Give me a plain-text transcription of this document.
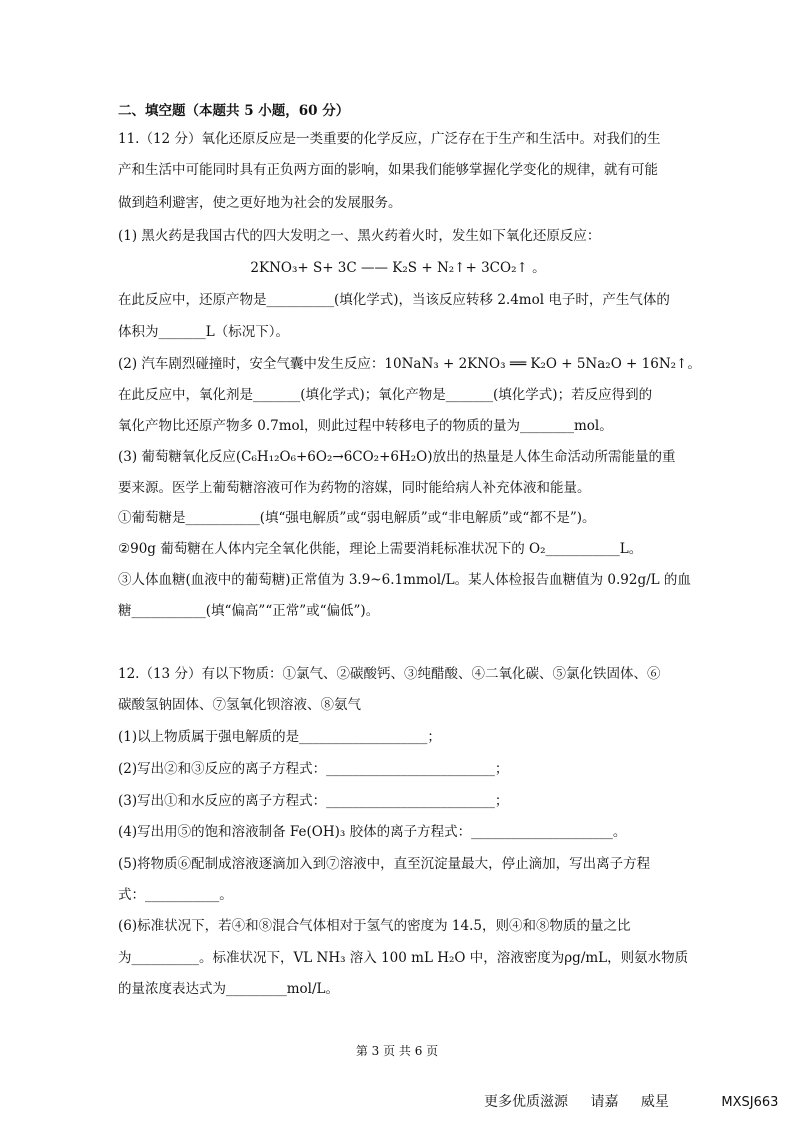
二、填空题（本题共 5 小题，60 分）
11.（12 分）氧化还原反应是一类重要的化学反应，广泛存在于生产和生活中。对我们的生
产和生活中可能同时具有正负两方面的影响，如果我们能够掌握化学变化的规律，就有可能
做到趋利避害，使之更好地为社会的发展服务。
(1) 黑火药是我国古代的四大发明之一、黑火药着火时，发生如下氧化还原反应：
2KNO₃+ S+ 3C —— K₂S + N₂↑+ 3CO₂↑ 。
在此反应中，还原产物是__________(填化学式)，当该反应转移 2.4mol 电子时，产生气体的
体积为_______L（标况下）。
(2) 汽车剧烈碰撞时，安全气囊中发生反应：10NaN₃ + 2KNO₃ ══ K₂O + 5Na₂O + 16N₂↑。
在此反应中，氧化剂是_______(填化学式)；氧化产物是_______(填化学式)；若反应得到的
氧化产物比还原产物多 0.7mol，则此过程中转移电子的物质的量为________mol。
(3) 葡萄糖氧化反应(C₆H₁₂O₆+6O₂→6CO₂+6H₂O)放出的热量是人体生命活动所需能量的重
要来源。医学上葡萄糖溶液可作为药物的溶媒，同时能给病人补充体液和能量。
①葡萄糖是___________(填“强电解质”或“弱电解质”或“非电解质”或“都不是”)。
②90g 葡萄糖在人体内完全氧化供能，理论上需要消耗标准状况下的 O₂___________L。
③人体血糖(血液中的葡萄糖)正常值为 3.9~6.1mmol/L。某人体检报告血糖值为 0.92g/L 的血
糖___________(填“偏高”“正常”或“偏低”)。
12.（13 分）有以下物质：①氯气、②碳酸钙、③纯醋酸、④二氧化碳、⑤氯化铁固体、⑥
碳酸氢钠固体、⑦氢氧化钡溶液、⑧氨气
(1)以上物质属于强电解质的是___________________；
(2)写出②和③反应的离子方程式：_________________________；
(3)写出①和水反应的离子方程式：_________________________；
(4)写出用⑤的饱和溶液制备 Fe(OH)₃ 胶体的离子方程式：_____________________。
(5)将物质⑥配制成溶液逐滴加入到⑦溶液中，直至沉淀量最大，停止滴加，写出离子方程
式：___________。
(6)标准状况下，若④和⑧混合气体相对于氢气的密度为 14.5，则④和⑧物质的量之比
为__________。标准状况下，VL NH₃ 溶入 100 mL H₂O 中，溶液密度为ρg/mL，则氨水物质
的量浓度表达式为_________mol/L。
第 3 页 共 6 页
更多优质滋源 请嘉 威星	MXSJ663
